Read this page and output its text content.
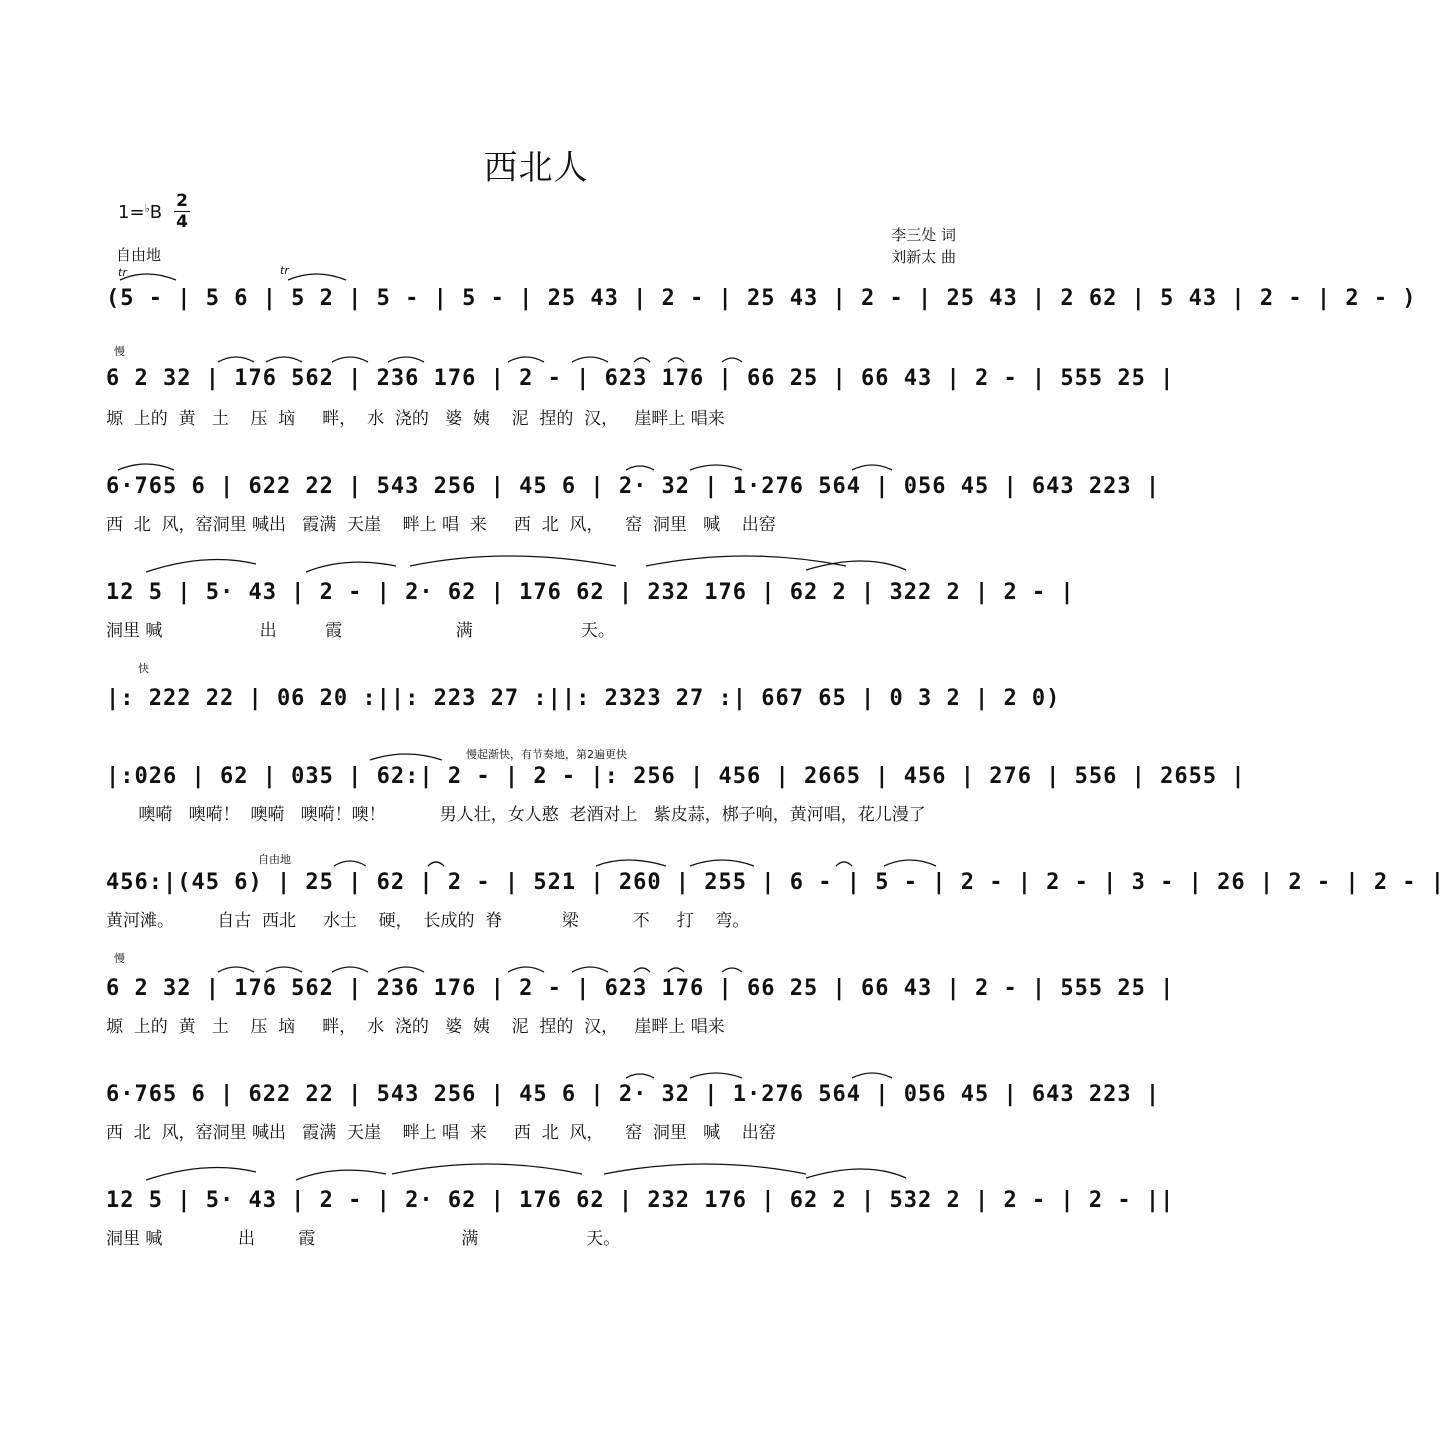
西北人
1=♭B
2
4
李三处 词
刘新太 曲
自由地
tr	tr
慢
快
慢起渐快，有节奏地，第2遍更快
自由地
慢
(5 - | 5 6 | 5 2 | 5 - | 5 - | 25 43 | 2 - | 25 43 | 2 - | 25 43 | 2 62 | 5 43 | 2 - | 2 - )
6 2 32 | 176 562 | 236 176 | 2 - | 623 176 | 66 25 | 66 43 | 2 - | 555 25 |
塬  上的  黄   土    压  垴     畔，  水  浇的   婆  姨    泥  捏的  汉，   崖畔上 唱来
6·765 6 | 622 22 | 543 256 | 45 6 | 2· 32 | 1·276 564 | 056 45 | 643 223 |
西  北  风，窑洞里 喊出   霞满  天崖    畔上 唱  来     西  北  风，    窑  洞里   喊    出窑
12 5 | 5· 43 | 2 - | 2· 62 | 176 62 | 232 176 | 62 2 | 322 2 | 2 - |
洞里 喊                  出         霞                     满                    天。
|: 222 22 | 06 20 :||: 223 27 :||: 2323 27 :| 667 65 | 0 3 2 | 2 0)
|:026 | 62 | 035 | 62:| 2 - | 2 - |: 256 | 456 | 2665 | 456 | 276 | 556 | 2655 |
噢嗬   噢嗬！  噢嗬   噢嗬！噢！          男人壮，女人憨  老酒对上   紫皮蒜，梆子响，黄河唱，花儿漫了
456:|(45 6) | 25 | 62 | 2 - | 521 | 260 | 255 | 6 - | 5 - | 2 - | 2 - | 3 - | 26 | 2 - | 2 - |
黄河滩。        自古  西北     水土    硬，  长成的  脊           梁          不     打    弯。
6 2 32 | 176 562 | 236 176 | 2 - | 623 176 | 66 25 | 66 43 | 2 - | 555 25 |
塬  上的  黄   土    压  垴     畔，  水  浇的   婆  姨    泥  捏的  汉，   崖畔上 唱来
6·765 6 | 622 22 | 543 256 | 45 6 | 2· 32 | 1·276 564 | 056 45 | 643 223 |
西  北  风，窑洞里 喊出   霞满  天崖    畔上 唱  来     西  北  风，    窑  洞里   喊    出窑
12 5 | 5· 43 | 2 - | 2· 62 | 176 62 | 232 176 | 62 2 | 532 2 | 2 - | 2 - ||
洞里 喊              出        霞                           满                    天。
